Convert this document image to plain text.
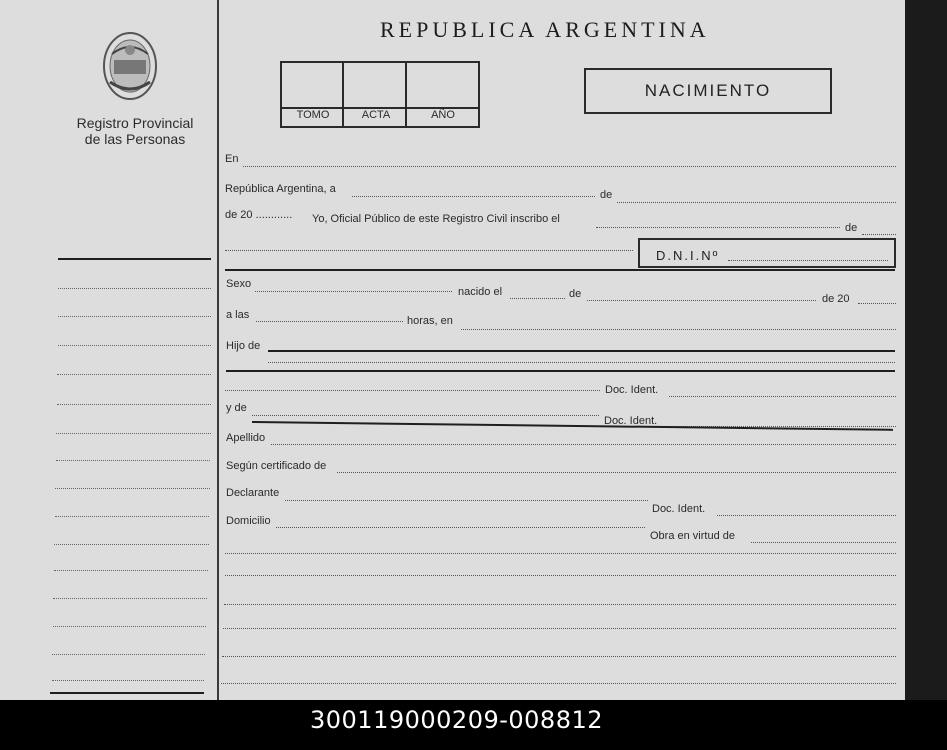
Registro Provincial
de las Personas
REPUBLICA ARGENTINA
TOMO	ACTA	AÑO
NACIMIENTO
En
República Argentina, a	de
de 20 ............ Yo, Oficial Público de este Registro Civil inscribo el
de
D.N.I.Nº
Sexo
nacido el	de	de 20
a las	horas, en
Hijo de
Doc. Ident.
y de
Doc. Ident.
Apellido
Según certificado de
Declarante
Doc. Ident.
Domicilio
Obra en virtud de
300119000209-008812
